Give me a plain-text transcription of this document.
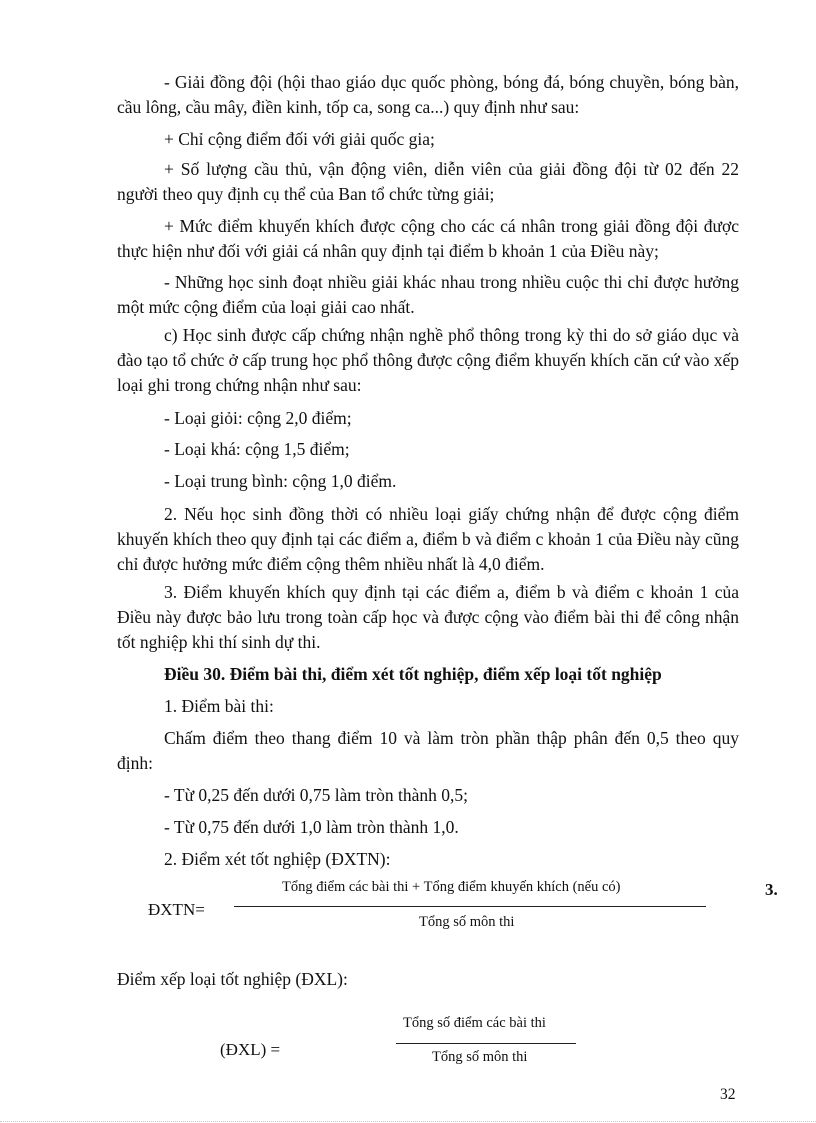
- Giải đồng đội (hội thao giáo dục quốc phòng, bóng đá, bóng chuyền, bóng bàn, cầu lông, cầu mây, điền kinh, tốp ca, song ca...) quy định như sau:

+ Chỉ cộng điểm đối với giải quốc gia;

+ Số lượng cầu thủ, vận động viên, diễn viên của giải đồng đội từ 02 đến 22 người theo quy định cụ thể của Ban tổ chức từng giải;

+ Mức điểm khuyến khích được cộng cho các cá nhân trong giải đồng đội được thực hiện như đối với giải cá nhân quy định tại điểm b khoản 1 của Điều này;

- Những học sinh đoạt nhiều giải khác nhau trong nhiều cuộc thi chỉ được hưởng một mức cộng điểm của loại giải cao nhất.

c) Học sinh được cấp chứng nhận nghề phổ thông trong kỳ thi do sở giáo dục và đào tạo tổ chức ở cấp trung học phổ thông được cộng điểm khuyến khích căn cứ vào xếp loại ghi trong chứng nhận như sau:

- Loại giỏi: cộng 2,0 điểm;

- Loại khá: cộng 1,5 điểm;

- Loại trung bình: cộng 1,0 điểm.

2. Nếu học sinh đồng thời có nhiều loại giấy chứng nhận để được cộng điểm khuyến khích theo quy định tại các điểm a, điểm b và điểm c khoản 1 của Điều này cũng chỉ được hưởng mức điểm cộng thêm nhiều nhất là 4,0 điểm.

3. Điểm khuyến khích quy định tại các điểm a, điểm b và điểm c khoản 1 của Điều này được bảo lưu trong toàn cấp học và được cộng vào điểm bài thi để công nhận tốt nghiệp khi thí sinh dự thi.

Điều 30. Điểm bài thi, điểm xét tốt nghiệp, điểm xếp loại tốt nghiệp

1. Điểm bài thi:

Chấm điểm theo thang điểm 10 và làm tròn phần thập phân đến 0,5 theo quy định:

- Từ 0,25 đến dưới 0,75 làm tròn thành 0,5;

- Từ 0,75 đến dưới 1,0 làm tròn thành 1,0.

2. Điểm xét tốt nghiệp (ĐXTN):

ĐXTN=
Tổng điểm các bài thi + Tổng điểm khuyến khích (nếu có)
Tổng số môn thi
3.

Điểm xếp loại tốt nghiệp (ĐXL):

(ĐXL) =
Tổng số điểm các bài thi
Tổng số môn thi
32
